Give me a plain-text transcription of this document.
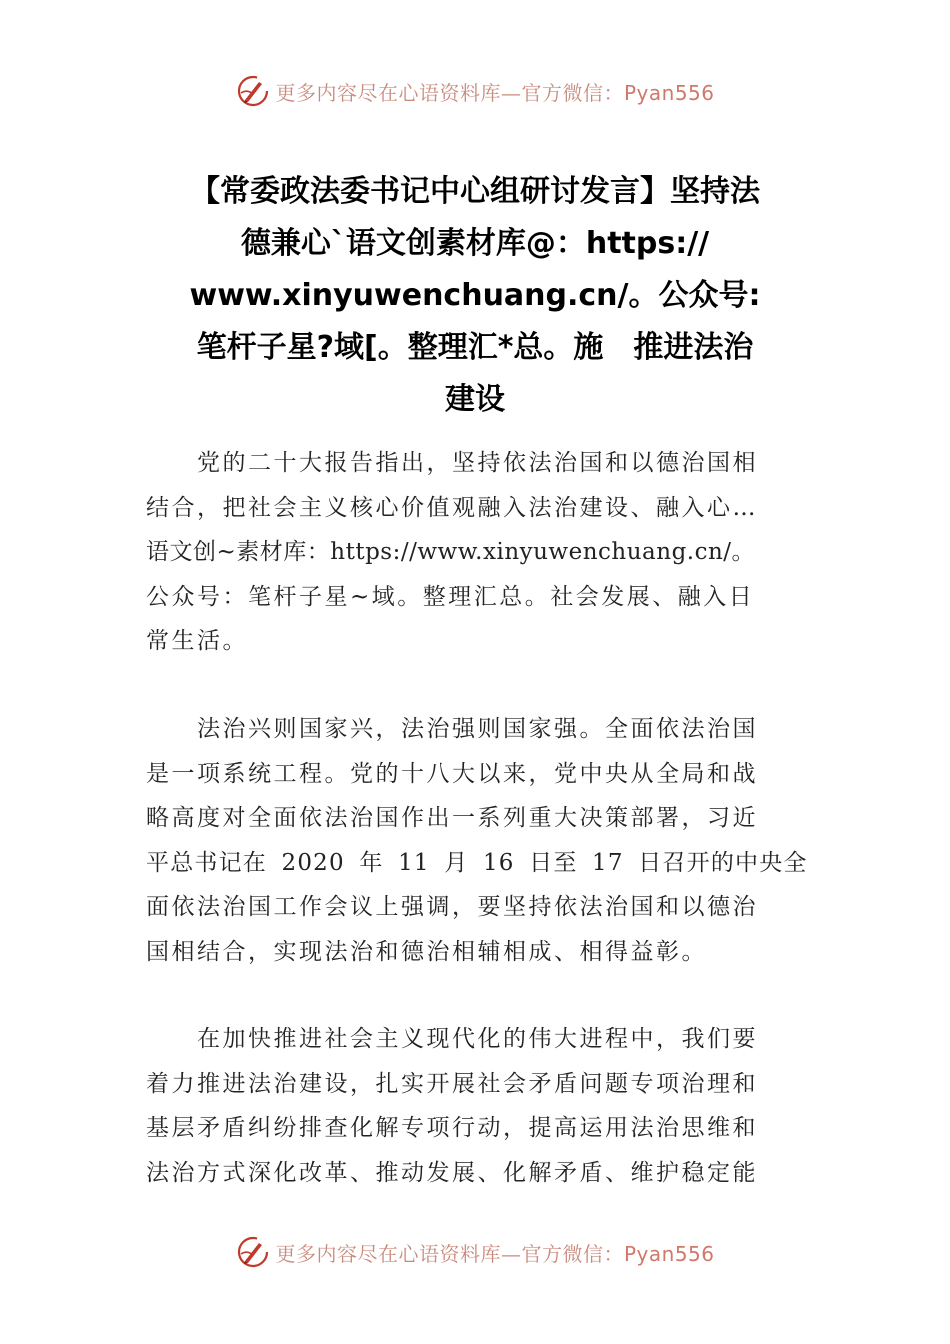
更多内容尽在心语资料库—官方微信：Pyan556
【常委政法委书记中心组研讨发言】坚持法
德兼心`语文创素材库@：https://
www.xinyuwenchuang.cn/。公众号:
笔杆子星?域[。整理汇*总。施　推进法治
建设
　　党的二十大报告指出，坚持依法治国和以德治国相
结合，把社会主义核心价值观融入法治建设、融入心…
语文创~素材库：https://www.xinyuwenchuang.cn/。
公众号：笔杆子星~域。整理汇总。社会发展、融入日
常生活。
　　法治兴则国家兴，法治强则国家强。全面依法治国
是一项系统工程。党的十八大以来，党中央从全局和战
略高度对全面依法治国作出一系列重大决策部署，习近
平总书记在 2020 年 11 月 16 日至 17 日召开的中央全
面依法治国工作会议上强调，要坚持依法治国和以德治
国相结合，实现法治和德治相辅相成、相得益彰。
　　在加快推进社会主义现代化的伟大进程中，我们要
着力推进法治建设，扎实开展社会矛盾问题专项治理和
基层矛盾纠纷排查化解专项行动，提高运用法治思维和
法治方式深化改革、推动发展、化解矛盾、维护稳定能
更多内容尽在心语资料库—官方微信：Pyan556
